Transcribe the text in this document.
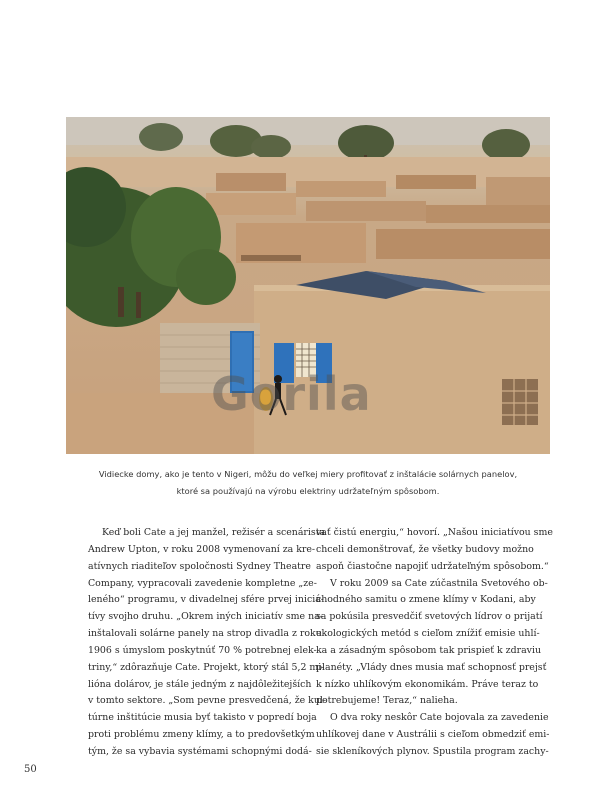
Gorila
Vidiecke domy, ako je tento v Nigeri, môžu do veľkej miery profitovať z inštalácie solárnych panelov,
ktoré sa používajú na výrobu elektriny udržateľným spôsobom.

Keď boli Cate a jej manžel, režisér a scenárista
Andrew Upton, v roku 2008 vymenovaní za kre-
atívnych riaditeľov spoločnosti Sydney Theatre
Company, vypracovali zavedenie kompletne „ze-
leného“ programu, v divadelnej sfére prvej iniciá-
tívy svojho druhu. „Okrem iných iniciatív sme na-
inštalovali solárne panely na strop divadla z roku
1906 s úmyslom poskytnúť 70 % potrebnej elek-
triny,“ zdôrazňuje Cate. Projekt, ktorý stál 5,2 mi-
lióna dolárov, je stále jedným z najdôležitejších
v tomto sektore. „Som pevne presvedčená, že kul-
túrne inštitúcie musia byť takisto v popredí boja
proti problému zmeny klímy, a to predovšetkým
tým, že sa vybavia systémami schopnými dodá-

vať čistú energiu,“ hovorí. „Našou iniciatívou sme
chceli demonštrovať, že všetky budovy možno
aspoň čiastočne napojiť udržateľným spôsobom.“

V roku 2009 sa Cate zúčastnila Svetového ob-
chodného samitu o zmene klímy v Kodani, aby
sa pokúsila presvedčiť svetových lídrov o prijatí
ekologických metód s cieľom znížiť emisie uhlí-
ka a zásadným spôsobom tak prispieť k zdraviu
planéty. „Vlády dnes musia mať schopnosť prejsť
k nízko uhlíkovým ekonomikám. Práve teraz to
potrebujeme! Teraz,“ nalieha.

O dva roky neskôr Cate bojovala za zavedenie
uhlíkovej dane v Austrálii s cieľom obmedziť emi-
sie skleníkových plynov. Spustila program zachy-

50
